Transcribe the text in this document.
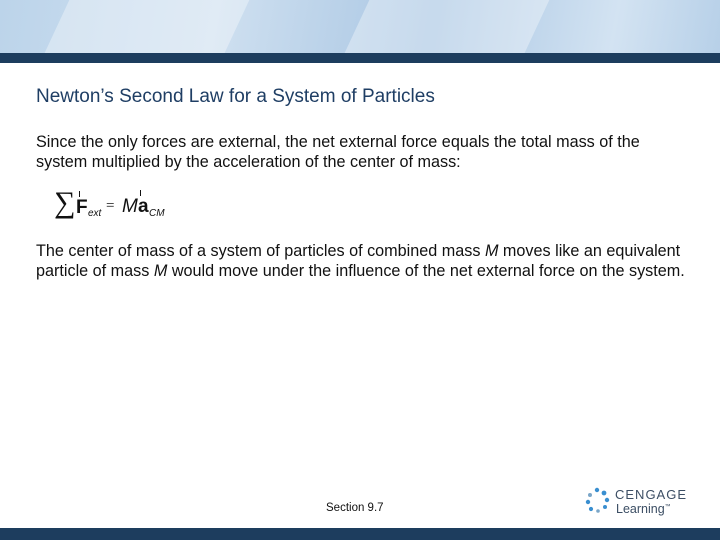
Newton’s Second Law for a System of Particles

Since the only forces are external, the net external force equals the total mass of the system multiplied by the acceleration of the center of mass:

∑ F ext = M a CM

The center of mass of a system of particles of combined mass M moves like an equivalent particle of mass M would move under the influence of the net external force on the system.

Section 9.7
CENGAGE
Learning™
